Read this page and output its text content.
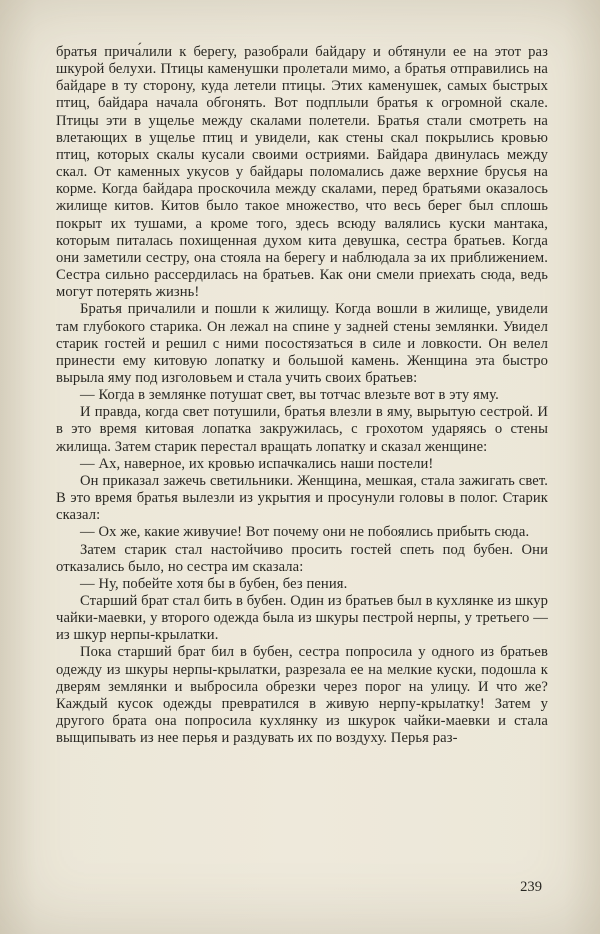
братья прича́лили к берегу, разобрали байдару и обтянули ее на этот раз шкурой белухи. Птицы каменушки пролетали мимо, а братья отправились на байдаре в ту сторону, куда летели птицы. Этих каменушек, самых быстрых птиц, байдара начала обгонять. Вот подплыли братья к огромной скале. Птицы эти в ущелье между скалами полетели. Братья стали смотреть на влетающих в ущелье птиц и увидели, как стены скал покрылись кровью птиц, которых скалы кусали своими остриями. Байдара двинулась между скал. От каменных укусов у байдары поломались даже верхние брусья на корме. Когда байдара проскочила между скалами, перед братьями оказалось жилище китов. Китов было такое множество, что весь берег был сплошь покрыт их тушами, а кроме того, здесь всюду валялись куски мантака, которым питалась похищенная духом кита девушка, сестра братьев. Когда они заметили сестру, она стояла на берегу и наблюдала за их приближением. Сестра сильно рассердилась на братьев. Как они смели приехать сюда, ведь могут потерять жизнь!

Братья причалили и пошли к жилищу. Когда вошли в жилище, увидели там глубокого старика. Он лежал на спине у задней стены землянки. Увидел старик гостей и решил с ними посостязаться в силе и ловкости. Он велел принести ему китовую лопатку и большой камень. Женщина эта быстро вырыла яму под изголовьем и стала учить своих братьев:

— Когда в землянке потушат свет, вы тотчас влезьте вот в эту яму.

И правда, когда свет потушили, братья влезли в яму, вырытую сестрой. И в это время китовая лопатка закружилась, с грохотом ударяясь о стены жилища. Затем старик перестал вращать лопатку и сказал женщине:

— Ах, наверное, их кровью испачкались наши постели!

Он приказал зажечь светильники. Женщина, мешкая, стала зажигать свет. В это время братья вылезли из укрытия и просунули головы в полог. Старик сказал:

— Ох же, какие живучие! Вот почему они не побоялись прибыть сюда.

Затем старик стал настойчиво просить гостей спеть под бубен. Они отказались было, но сестра им сказала:

— Ну, побейте хотя бы в бубен, без пения.

Старший брат стал бить в бубен. Один из братьев был в кухлянке из шкур чайки-маевки, у второго одежда была из шкуры пестрой нерпы, у третьего — из шкур нерпы-крылатки.

Пока старший брат бил в бубен, сестра попросила у одного из братьев одежду из шкуры нерпы-крылатки, разрезала ее на мелкие куски, подошла к дверям землянки и выбросила обрезки через порог на улицу. И что же? Каждый кусок одежды превратился в живую нерпу-крылатку! Затем у другого брата она попросила кухлянку из шкурок чайки-маевки и стала выщипывать из нее перья и раздувать их по воздуху. Перья раз-

239
